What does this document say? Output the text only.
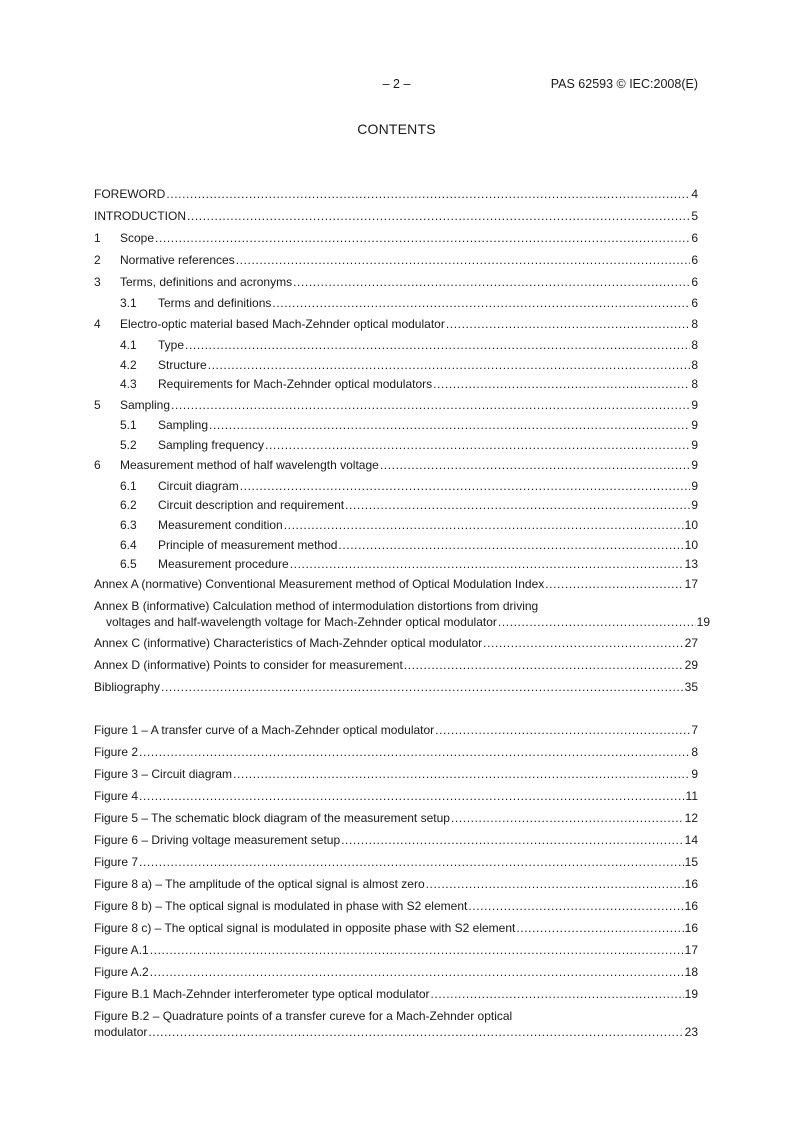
– 2 –	PAS 62593 © IEC:2008(E)
CONTENTS
FOREWORD .....	4
INTRODUCTION .....	5
1	Scope .....	6
2	Normative references .....	6
3	Terms, definitions and acronyms .....	6
3.1	Terms and definitions .....	6
4	Electro-optic material based Mach-Zehnder optical modulator .....	8
4.1	Type .....	8
4.2	Structure .....	8
4.3	Requirements for Mach-Zehnder optical modulators .....	8
5	Sampling .....	9
5.1	Sampling .....	9
5.2	Sampling frequency .....	9
6	Measurement method of half wavelength voltage .....	9
6.1	Circuit diagram .....	9
6.2	Circuit description and requirement .....	9
6.3	Measurement condition .....	10
6.4	Principle of measurement method .....	10
6.5	Measurement procedure .....	13
Annex A (normative) Conventional Measurement method of Optical Modulation Index .....	17
Annex B (informative) Calculation method of intermodulation distortions from driving
voltages and half-wavelength voltage for Mach-Zehnder optical modulator .....	19
Annex C (informative) Characteristics of Mach-Zehnder optical modulator .....	27
Annex D (informative) Points to consider for measurement .....	29
Bibliography .....	35
Figure 1 – A transfer curve of a Mach-Zehnder optical modulator .....	7
Figure 2 .....	8
Figure 3 – Circuit diagram .....	9
Figure 4 .....	11
Figure 5 – The schematic block diagram of the measurement setup .....	12
Figure 6 – Driving voltage measurement setup .....	14
Figure 7 .....	15
Figure 8 a) – The amplitude of the optical signal is almost zero .....	16
Figure 8 b) – The optical signal is modulated in phase with S2 element .....	16
Figure 8 c) – The optical signal is modulated in opposite phase with S2 element .....	16
Figure A.1 .....	17
Figure A.2 .....	18
Figure B.1 Mach-Zehnder interferometer type optical modulator .....	19
Figure B.2 – Quadrature points of a transfer cureve for a Mach-Zehnder optical
modulator .....	23
